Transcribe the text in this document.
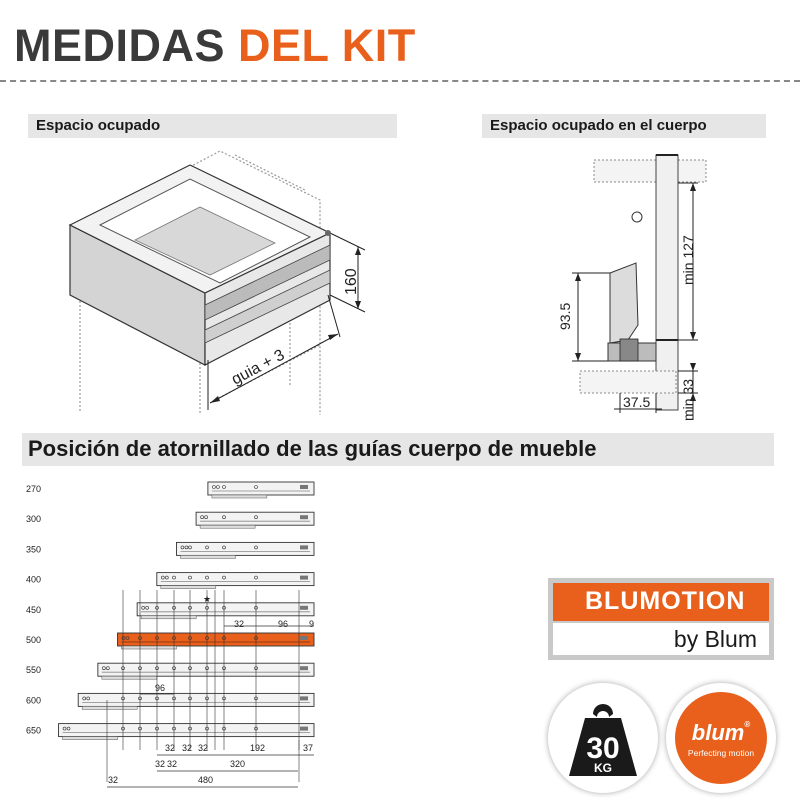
MEDIDAS DEL KIT
Espacio ocupado	Espacio ocupado en el cuerpo
Posición de atornillado de las guías cuerpo de mueble
160
guia + 3
93.5
min 127
min 33
37.5
270
300
350
400
450
500
550
600
650
★
32	96 9
96
32 32 32	192	37
32 32	320
32	480
BLUMOTION
by Blum
30
KG
blum®
Perfecting motion
